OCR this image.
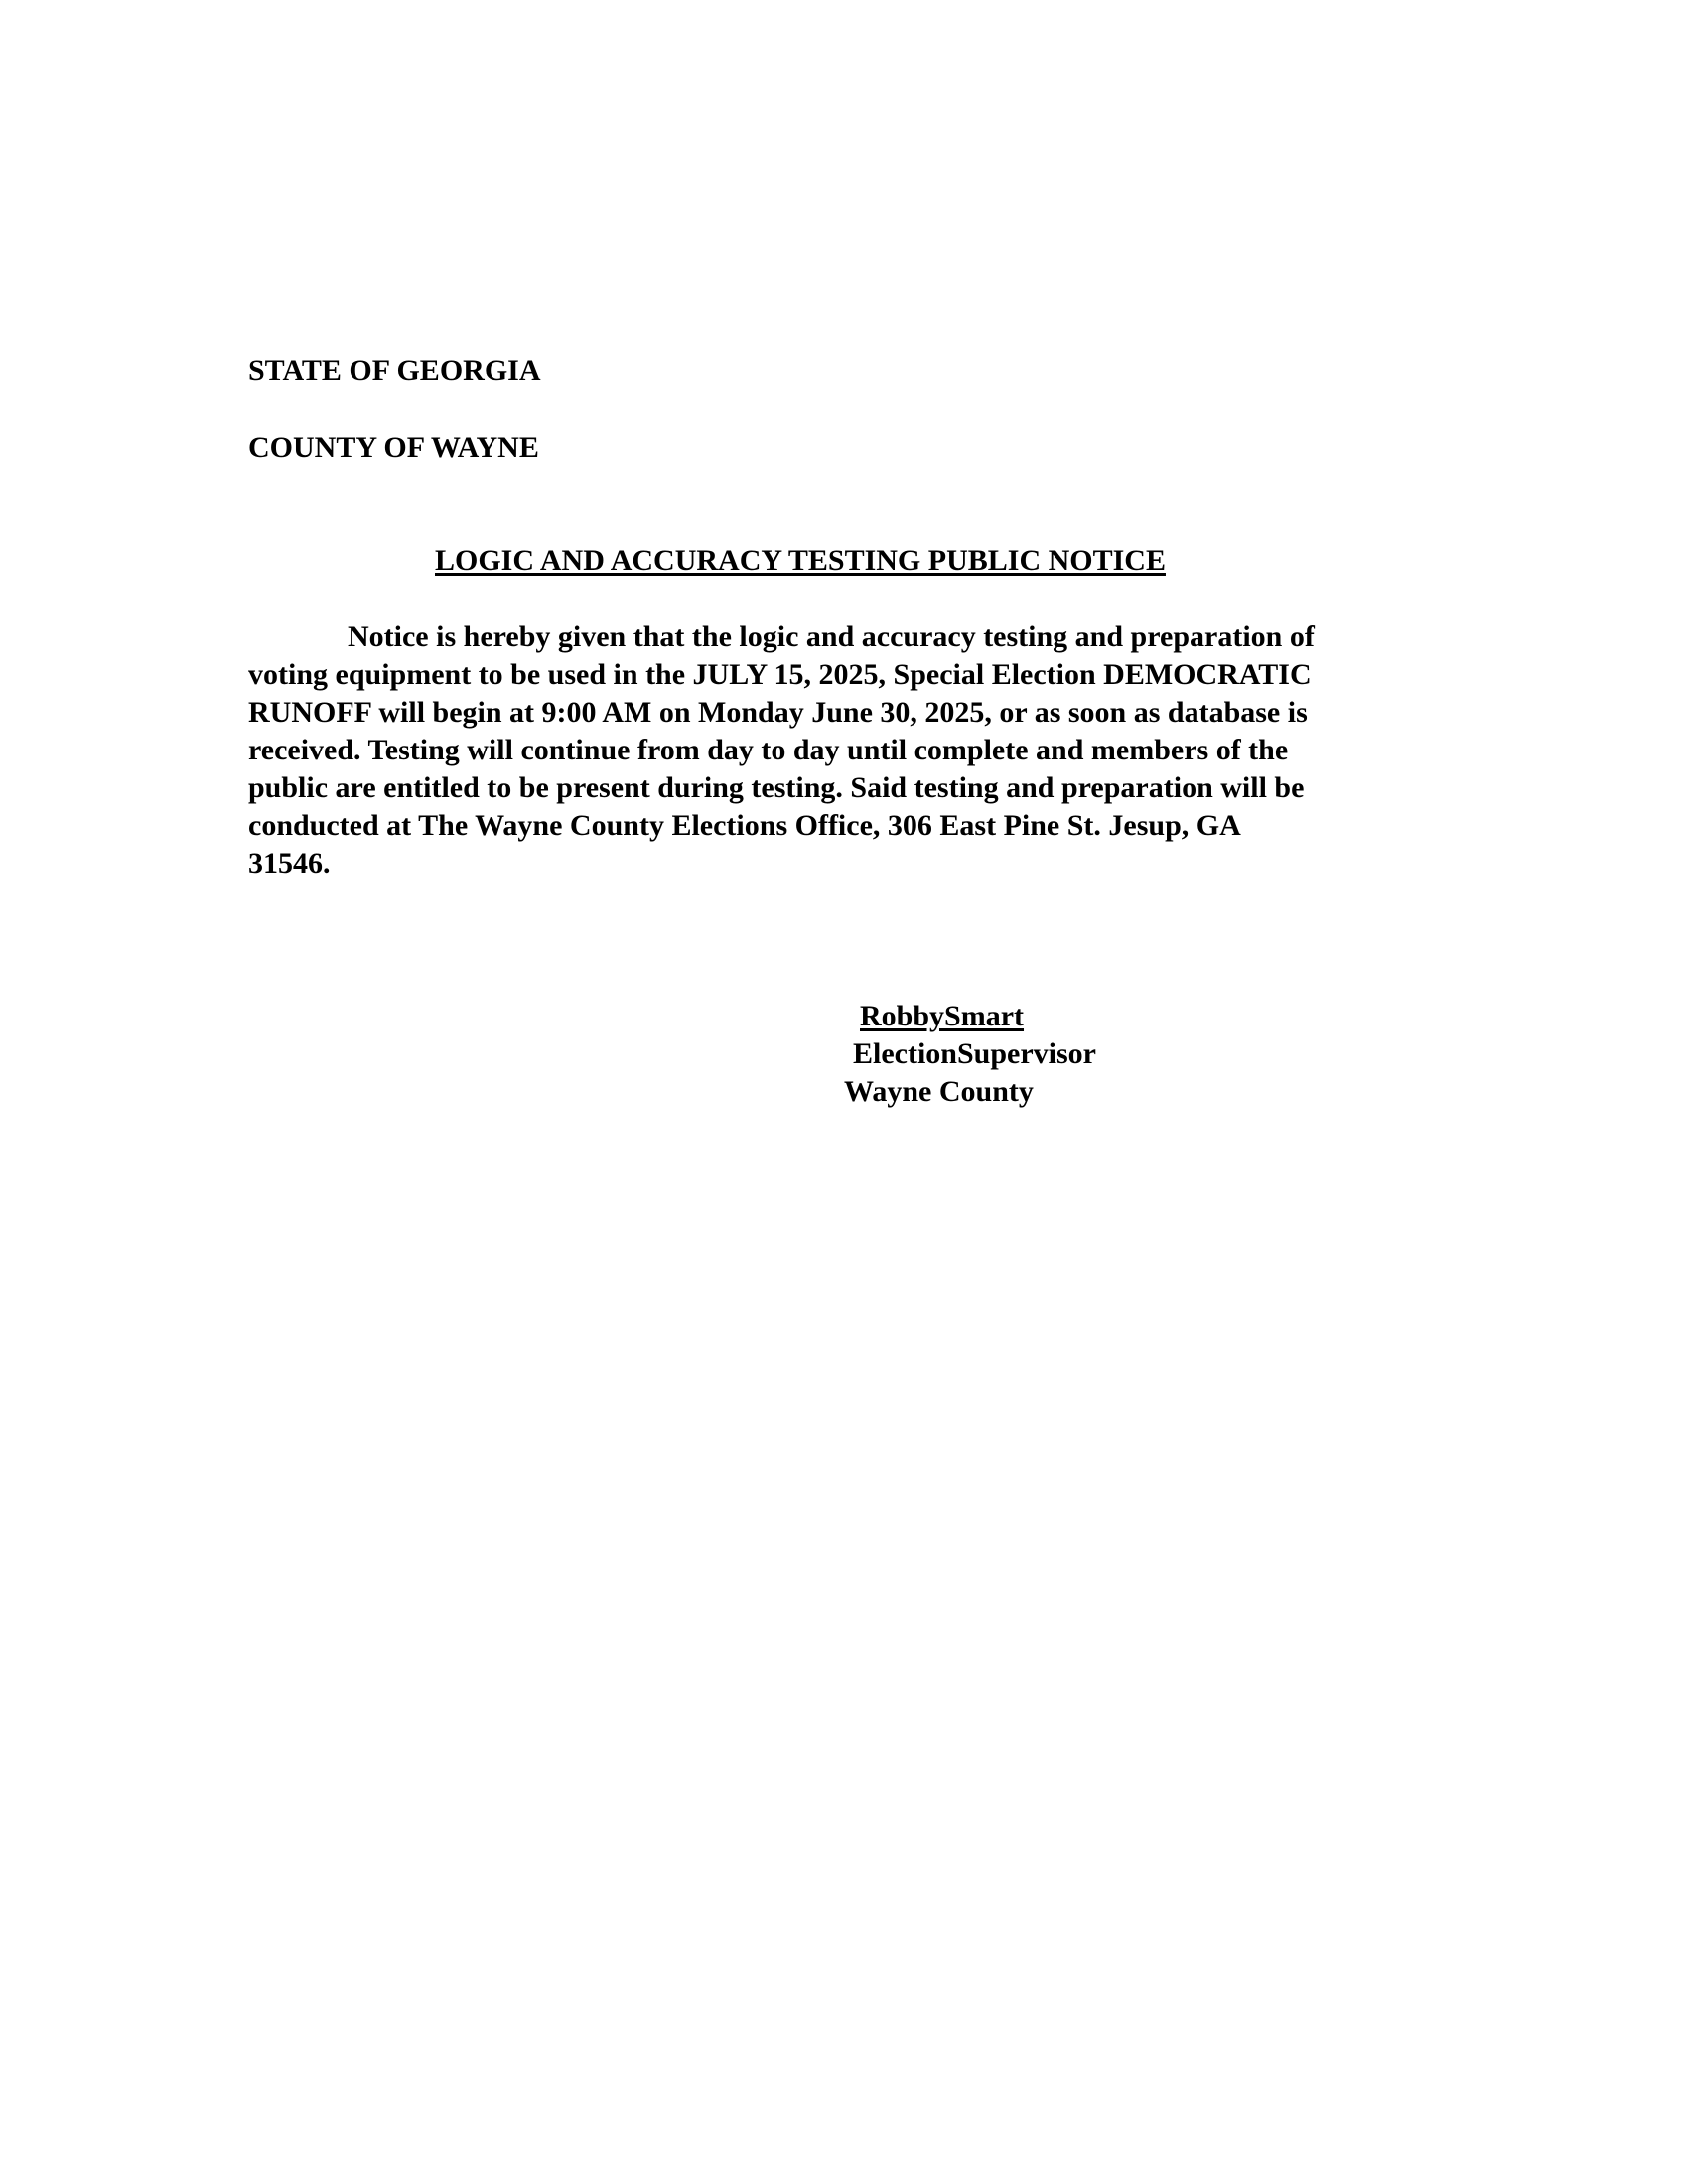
STATE OF GEORGIA
COUNTY OF WAYNE
LOGIC AND ACCURACY TESTING PUBLIC NOTICE
Notice is hereby given that the logic and accuracy testing and preparation of
voting equipment to be used in the JULY 15, 2025, Special Election DEMOCRATIC
RUNOFF will begin at 9:00 AM on Monday June 30, 2025, or as soon as database is
received. Testing will continue from day to day until complete and members of the
public are entitled to be present during testing. Said testing and preparation will be
conducted at The Wayne County Elections Office, 306 East Pine St. Jesup, GA
31546.
RobbySmart
ElectionSupervisor
Wayne County
